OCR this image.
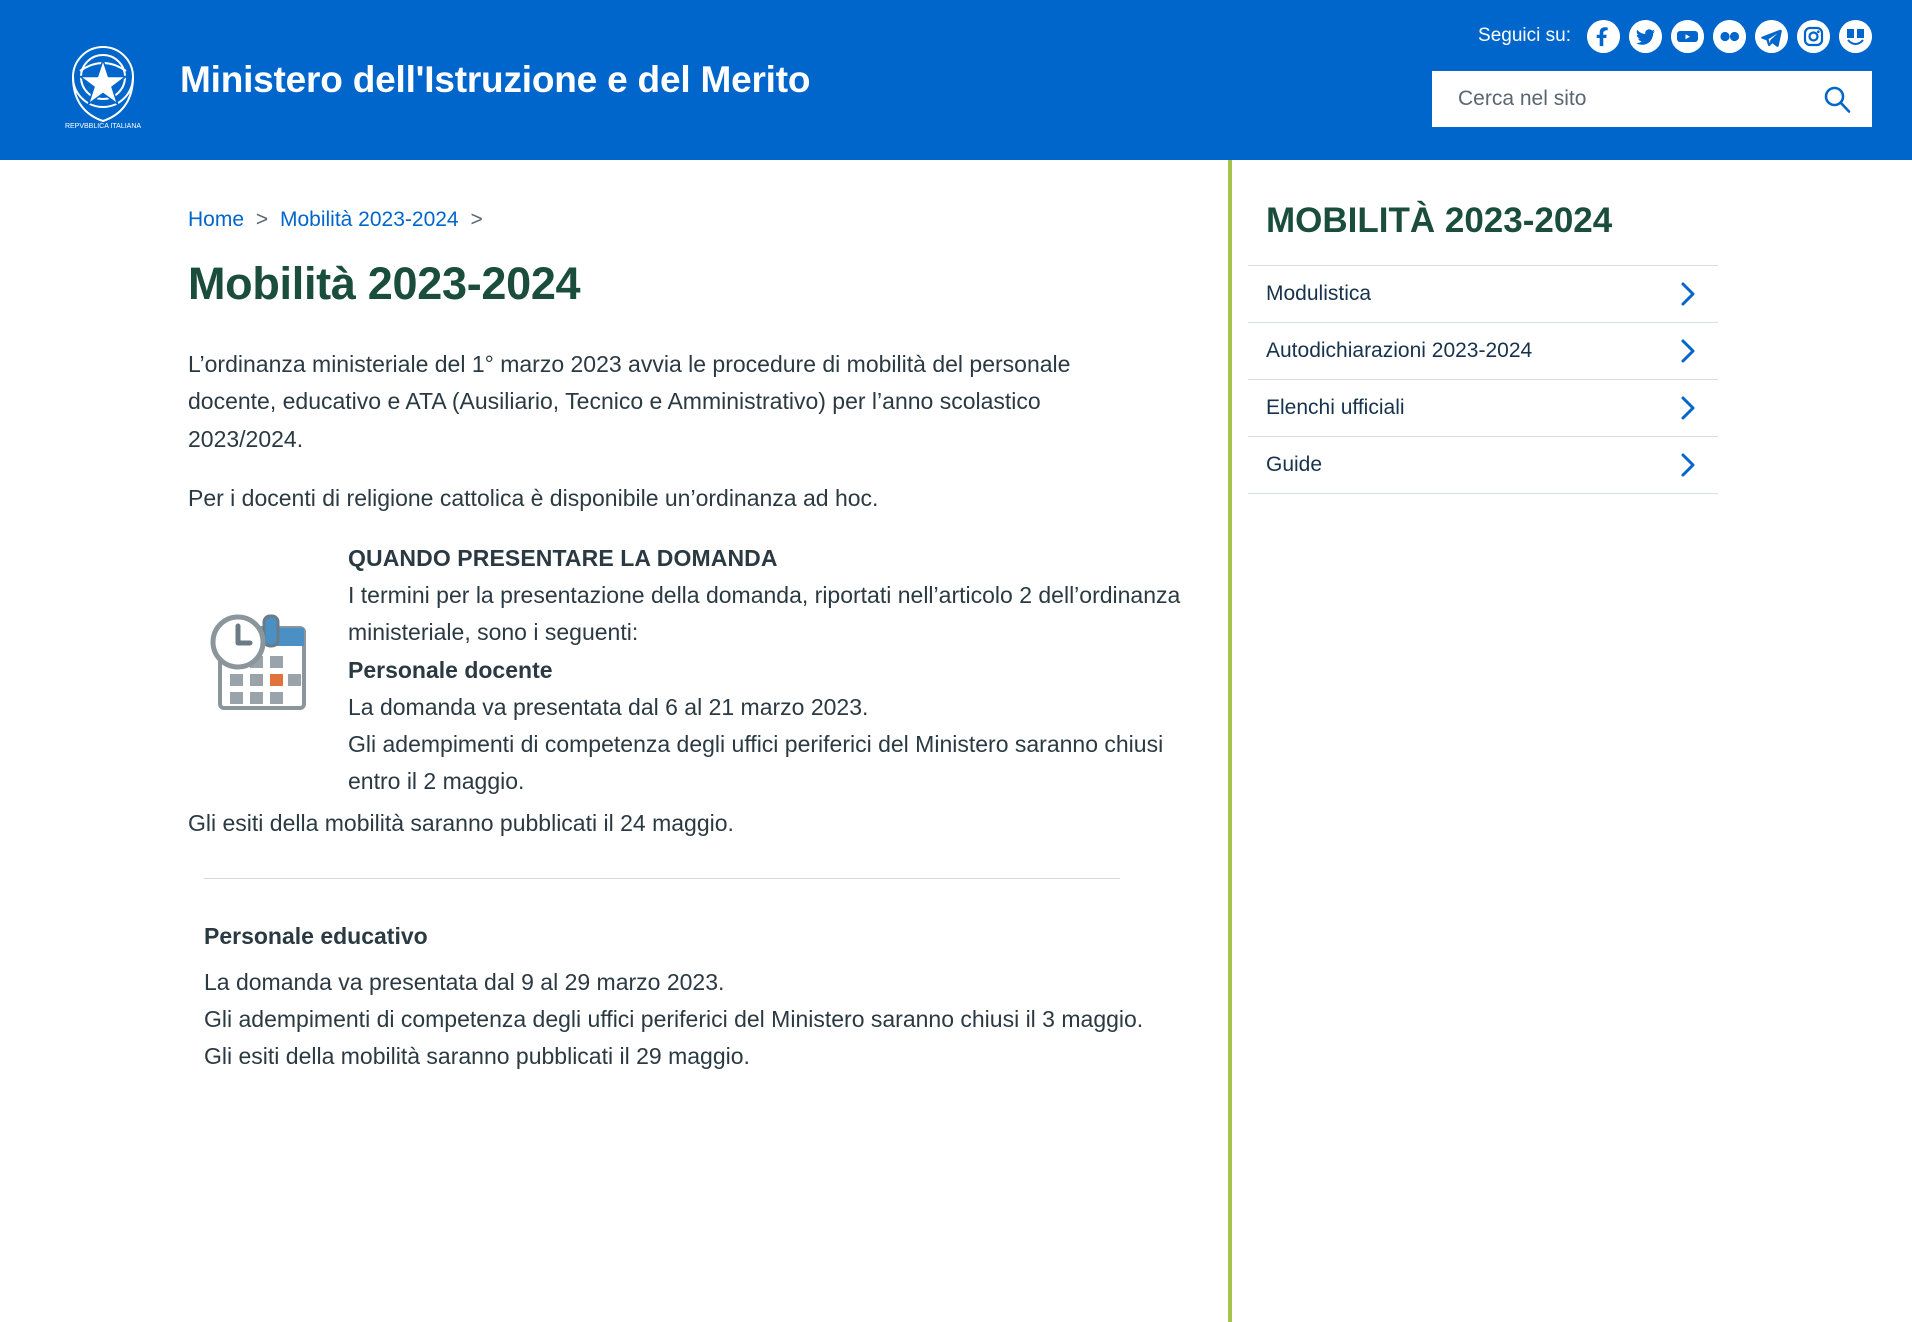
REPVBBLICA ITALIANA
Ministero dell'Istruzione e del Merito
Seguici su:
Cerca nel sito
Home > Mobilità 2023-2024 >
Mobilità 2023-2024

L’ordinanza ministeriale del 1° marzo 2023 avvia le procedure di mobilità del personale docente, educativo e ATA (Ausiliario, Tecnico e Amministrativo) per l’anno scolastico 2023/2024.

Per i docenti di religione cattolica è disponibile un’ordinanza ad hoc.

QUANDO PRESENTARE LA DOMANDA

I termini per la presentazione della domanda, riportati nell’articolo 2 dell’ordinanza ministeriale, sono i seguenti:

Personale docente

La domanda va presentata dal 6 al 21 marzo 2023.

Gli adempimenti di competenza degli uffici periferici del Ministero saranno chiusi entro il 2 maggio.

Gli esiti della mobilità saranno pubblicati il 24 maggio.

Personale educativo

La domanda va presentata dal 9 al 29 marzo 2023.

Gli adempimenti di competenza degli uffici periferici del Ministero saranno chiusi il 3 maggio.

Gli esiti della mobilità saranno pubblicati il 29 maggio.

MOBILITÀ 2023-2024
Modulistica
Autodichiarazioni 2023-2024
Elenchi ufficiali
Guide
